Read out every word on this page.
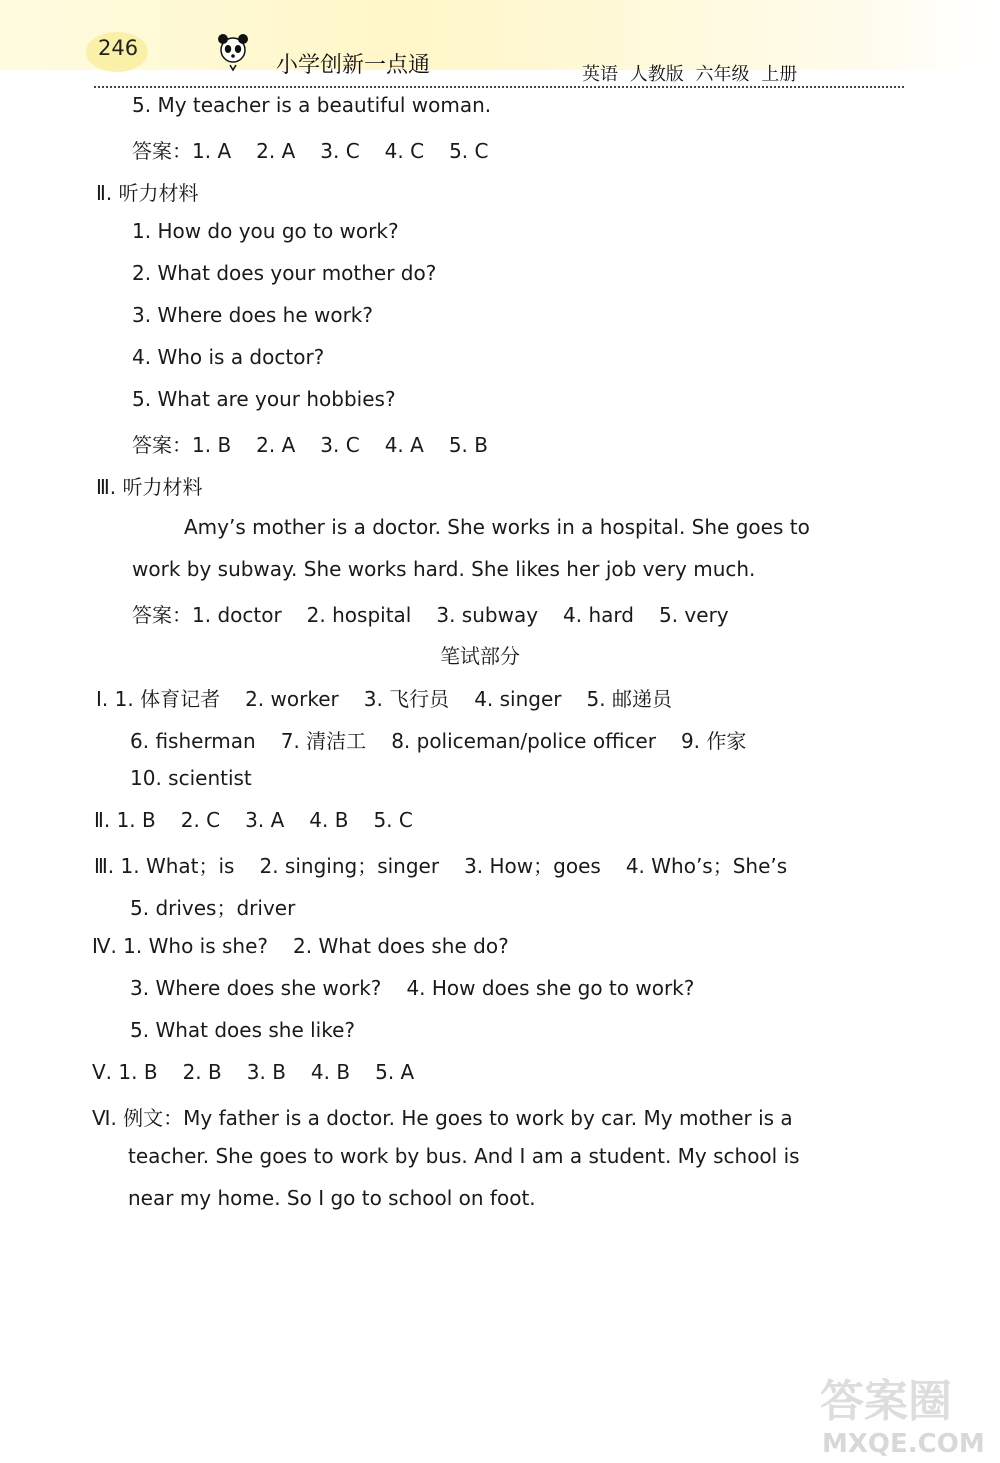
246
小学创新一点通	英语 人教版 六年级 上册
5. My teacher is a beautiful woman.
答案：1. A 2. A 3. C 4. C 5. C
Ⅱ. 听力材料
1. How do you go to work?
2. What does your mother do?
3. Where does he work?
4. Who is a doctor?
5. What are your hobbies?
答案：1. B 2. A 3. C 4. A 5. B
Ⅲ. 听力材料
Amy’s mother is a doctor. She works in a hospital. She goes to
work by subway. She works hard. She likes her job very much.
答案：1. doctor 2. hospital 3. subway 4. hard 5. very
笔试部分
Ⅰ. 1. 体育记者 2. worker 3. 飞行员 4. singer 5. 邮递员
6. fisherman 7. 清洁工 8. policeman/police officer 9. 作家
10. scientist
Ⅱ. 1. B 2. C 3. A 4. B 5. C
Ⅲ. 1. What；is 2. singing；singer 3. How；goes 4. Who’s；She’s
5. drives；driver
Ⅳ. 1. Who is she? 2. What does she do?
3. Where does she work? 4. How does she go to work?
5. What does she like?
Ⅴ. 1. B 2. B 3. B 4. B 5. A
Ⅵ. 例文：My father is a doctor. He goes to work by car. My mother is a
teacher. She goes to work by bus. And I am a student. My school is
near my home. So I go to school on foot.
答案圈
MXQE.COM
